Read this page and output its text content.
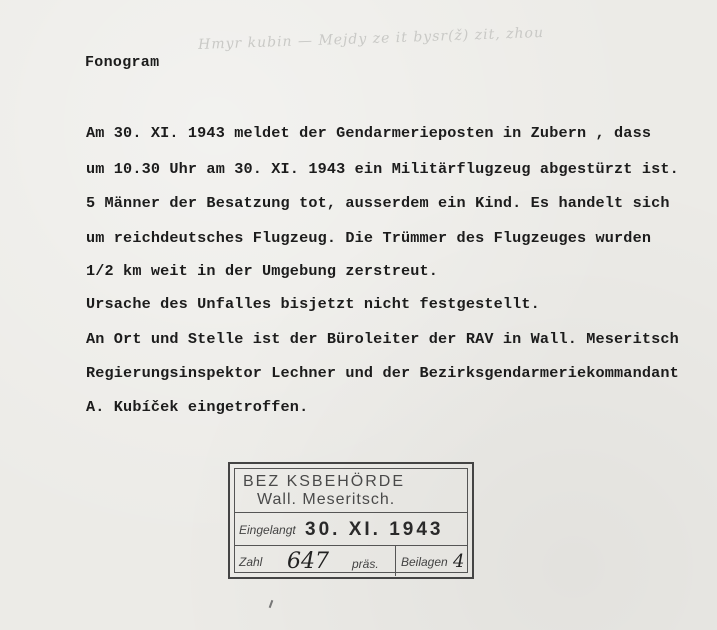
Hmyr kubin — Mejdy ze it bysr(ž) zit, zhou
Fonogram
Am 30. XI. 1943 meldet der Gendarmerieposten in Zubern , dass
um 10.30 Uhr am 30. XI. 1943 ein Militärflugzeug abgestürzt ist.
5 Männer der Besatzung tot, ausserdem ein Kind. Es handelt sich
um reichdeutsches Flugzeug. Die Trümmer des Flugzeuges wurden
1/2 km weit in der Umgebung zerstreut.
Ursache des Unfalles bisjetzt nicht festgestellt.
An Ort und Stelle ist der Büroleiter der RAV in Wall. Meseritsch
Regierungsinspektor Lechner und der Bezirksgendarmeriekommandant
A. Kubíček eingetroffen.
BEZ KSBEHÖRDE
Wall. Meseritsch.
Eingelangt 30. XI. 1943
Zahl 647 präs. Beilagen 4
